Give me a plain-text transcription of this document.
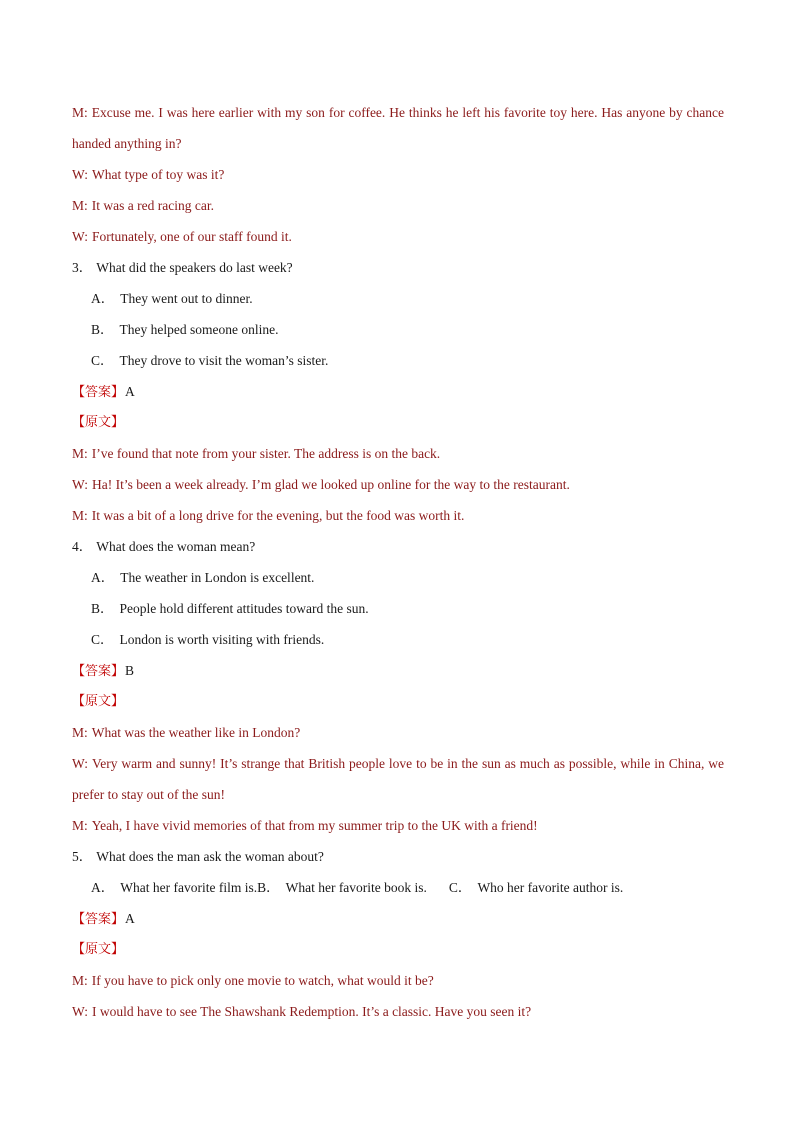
M: Excuse me. I was here earlier with my son for coffee. He thinks he left his favorite toy here. Has anyone by chance handed anything in?
W: What type of toy was it?
M: It was a red racing car.
W: Fortunately, one of our staff found it.
3． What did the speakers do last week?
A． They went out to dinner.
B． They helped someone online.
C． They drove to visit the woman’s sister.
【答案】A
【原文】
M: I’ve found that note from your sister. The address is on the back.
W: Ha! It’s been a week already. I’m glad we looked up online for the way to the restaurant.
M: It was a bit of a long drive for the evening, but the food was worth it.
4． What does the woman mean?
A． The weather in London is excellent.
B． People hold different attitudes toward the sun.
C． London is worth visiting with friends.
【答案】B
【原文】
M: What was the weather like in London?
W: Very warm and sunny! It’s strange that British people love to be in the sun as much as possible, while in China, we prefer to stay out of the sun!
M: Yeah, I have vivid memories of that from my summer trip to the UK with a friend!
5． What does the man ask the woman about?
A． What her favorite film is.B． What her favorite book is. C． Who her favorite author is.
【答案】A
【原文】
M: If you have to pick only one movie to watch, what would it be?
W: I would have to see The Shawshank Redemption. It’s a classic. Have you seen it?
